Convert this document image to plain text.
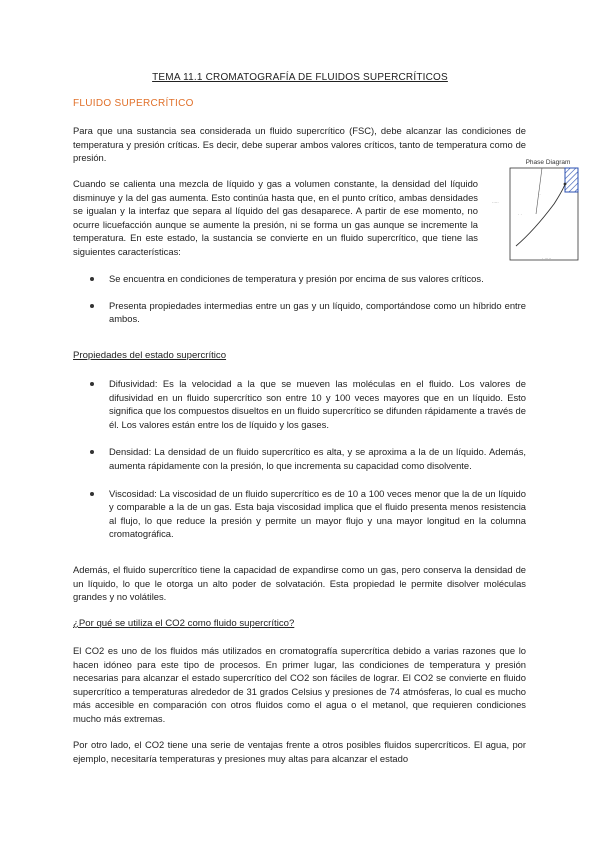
TEMA 11.1 CROMATOGRAFÍA DE FLUIDOS SUPERCRÍTICOS
FLUIDO SUPERCRÍTICO
Para que una sustancia sea considerada un fluido supercrítico (FSC), debe alcanzar las condiciones de temperatura y presión críticas. Es decir, debe superar ambos valores críticos, tanto de temperatura como de presión.	Phase Diagram
·····
· ·····
· ·
··
Cuando se calienta una mezcla de líquido y gas a volumen constante, la densidad del líquido disminuye y la del gas aumenta. Esto continúa hasta que, en el punto crítico, ambas densidades se igualan y la interfaz que separa al líquido del gas desaparece. A partir de ese momento, no ocurre licuefacción aunque se aumente la presión, ni se forma un gas aunque se incremente la temperatura. En este estado, la sustancia se convierte en un fluido supercrítico, que tiene las siguientes características:
Se encuentra en condiciones de temperatura y presión por encima de sus valores críticos.
Presenta propiedades intermedias entre un gas y un líquido, comportándose como un híbrido entre ambos.
Propiedades del estado supercrítico
Difusividad: Es la velocidad a la que se mueven las moléculas en el fluido. Los valores de difusividad en un fluido supercrítico son entre 10 y 100 veces mayores que en un líquido. Esto significa que los compuestos disueltos en un fluido supercrítico se difunden rápidamente a través de él. Los valores están entre los de líquido y los gases.
Densidad: La densidad de un fluido supercrítico es alta, y se aproxima a la de un líquido. Además, aumenta rápidamente con la presión, lo que incrementa su capacidad como disolvente.
Viscosidad: La viscosidad de un fluido supercrítico es de 10 a 100 veces menor que la de un líquido y comparable a la de un gas. Esta baja viscosidad implica que el fluido presenta menos resistencia al flujo, lo que reduce la presión y permite un mayor flujo y una mayor longitud en la columna cromatográfica.
Además, el fluido supercrítico tiene la capacidad de expandirse como un gas, pero conserva la densidad de un líquido, lo que le otorga un alto poder de solvatación. Esta propiedad le permite disolver moléculas grandes y no volátiles.
¿Por qué se utiliza el CO2 como fluido supercrítico?
El CO2 es uno de los fluidos más utilizados en cromatografía supercrítica debido a varias razones que lo hacen idóneo para este tipo de procesos. En primer lugar, las condiciones de temperatura y presión necesarias para alcanzar el estado supercrítico del CO2 son fáciles de lograr. El CO2 se convierte en fluido supercrítico a temperaturas alrededor de 31 grados Celsius y presiones de 74 atmósferas, lo cual es mucho más accesible en comparación con otros fluidos como el agua o el metanol, que requieren condiciones mucho más extremas.
Por otro lado, el CO2 tiene una serie de ventajas frente a otros posibles fluidos supercríticos. El agua, por ejemplo, necesitaría temperaturas y presiones muy altas para alcanzar el estado
